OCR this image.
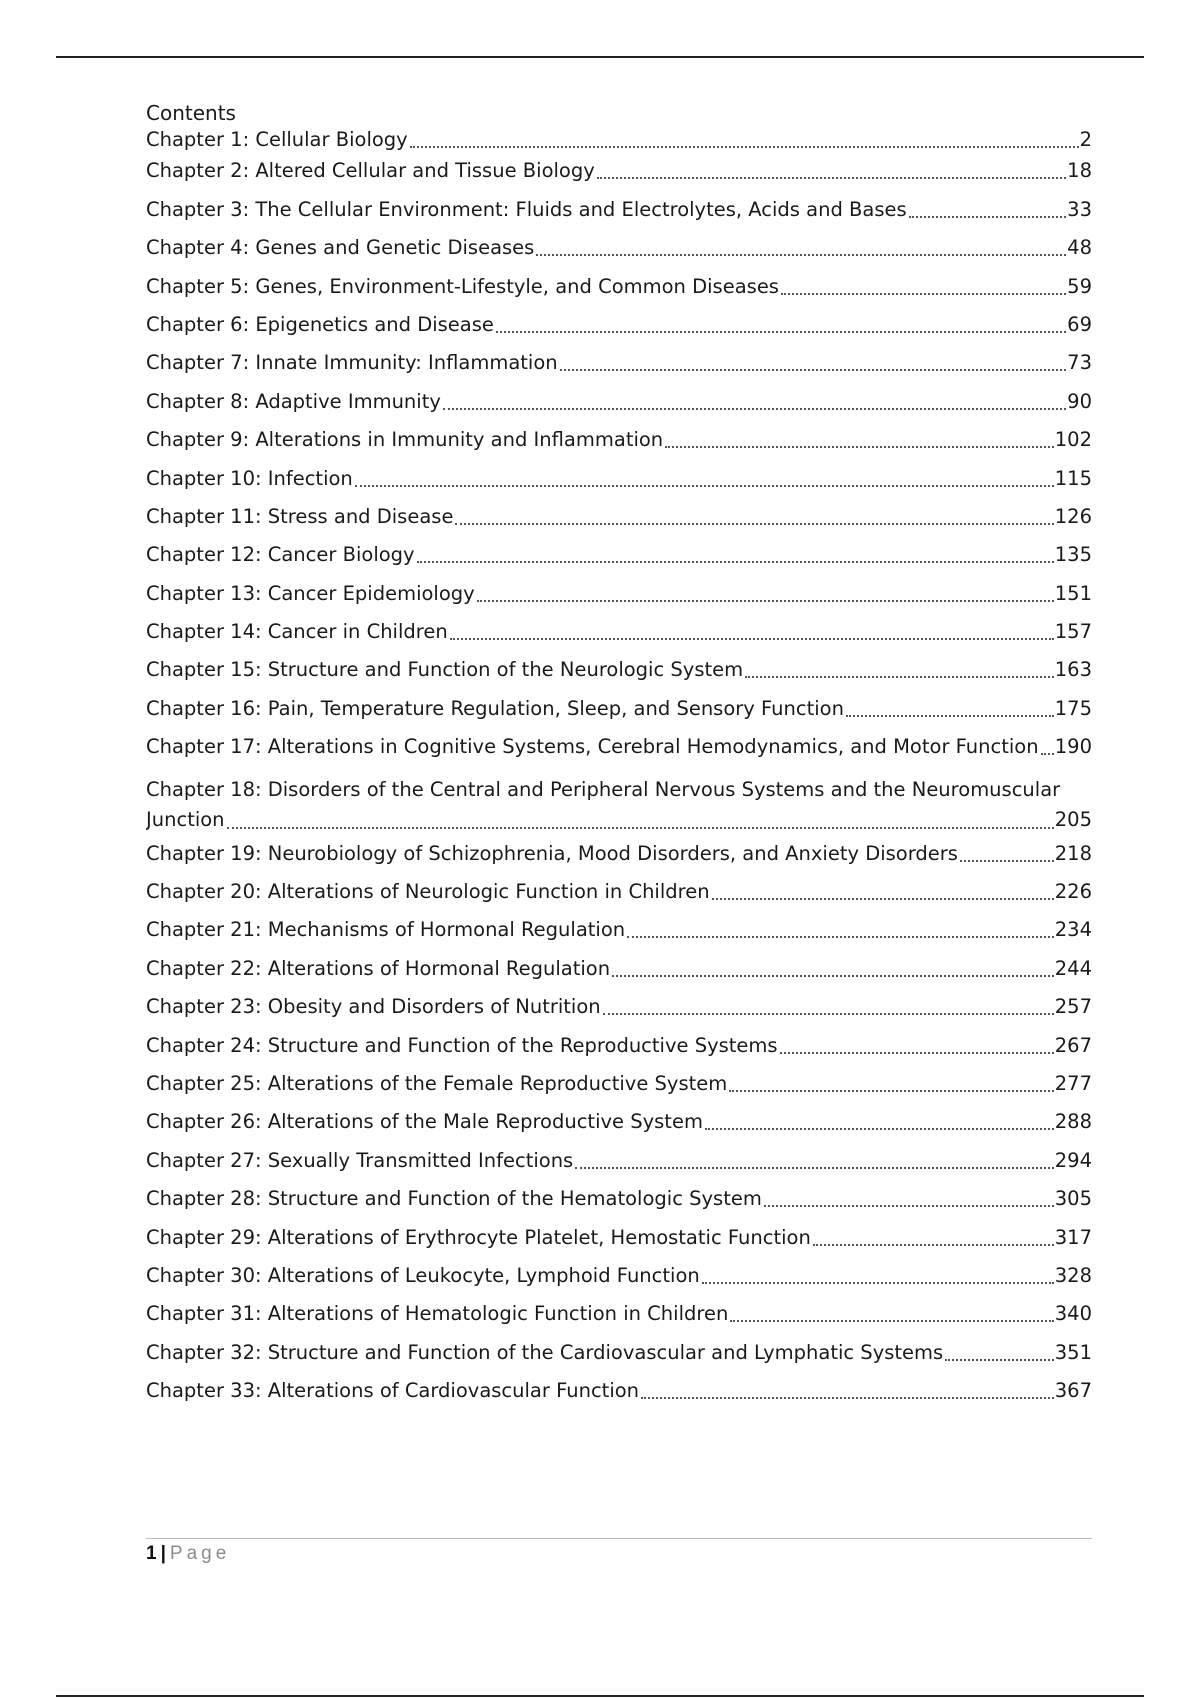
Contents
Chapter 1: Cellular Biology	2
Chapter 2: Altered Cellular and Tissue Biology	18
Chapter 3: The Cellular Environment: Fluids and Electrolytes, Acids and Bases	33
Chapter 4: Genes and Genetic Diseases	48
Chapter 5: Genes, Environment-Lifestyle, and Common Diseases	59
Chapter 6: Epigenetics and Disease	69
Chapter 7: Innate Immunity: Inflammation	73
Chapter 8: Adaptive Immunity	90
Chapter 9: Alterations in Immunity and Inflammation	102
Chapter 10: Infection	115
Chapter 11: Stress and Disease	126
Chapter 12: Cancer Biology	135
Chapter 13: Cancer Epidemiology	151
Chapter 14: Cancer in Children	157
Chapter 15: Structure and Function of the Neurologic System	163
Chapter 16: Pain, Temperature Regulation, Sleep, and Sensory Function	175
Chapter 17: Alterations in Cognitive Systems, Cerebral Hemodynamics, and Motor Function 190
Chapter 18: Disorders of the Central and Peripheral Nervous Systems and the Neuromuscular
Junction	205
Chapter 19: Neurobiology of Schizophrenia, Mood Disorders, and Anxiety Disorders	218
Chapter 20: Alterations of Neurologic Function in Children	226
Chapter 21: Mechanisms of Hormonal Regulation	234
Chapter 22: Alterations of Hormonal Regulation	244
Chapter 23: Obesity and Disorders of Nutrition	257
Chapter 24: Structure and Function of the Reproductive Systems	267
Chapter 25: Alterations of the Female Reproductive System	277
Chapter 26: Alterations of the Male Reproductive System	288
Chapter 27: Sexually Transmitted Infections	294
Chapter 28: Structure and Function of the Hematologic System	305
Chapter 29: Alterations of Erythrocyte Platelet, Hemostatic Function	317
Chapter 30: Alterations of Leukocyte, Lymphoid Function	328
Chapter 31: Alterations of Hematologic Function in Children	340
Chapter 32: Structure and Function of the Cardiovascular and Lymphatic Systems	351
Chapter 33: Alterations of Cardiovascular Function	367
1 | Page
